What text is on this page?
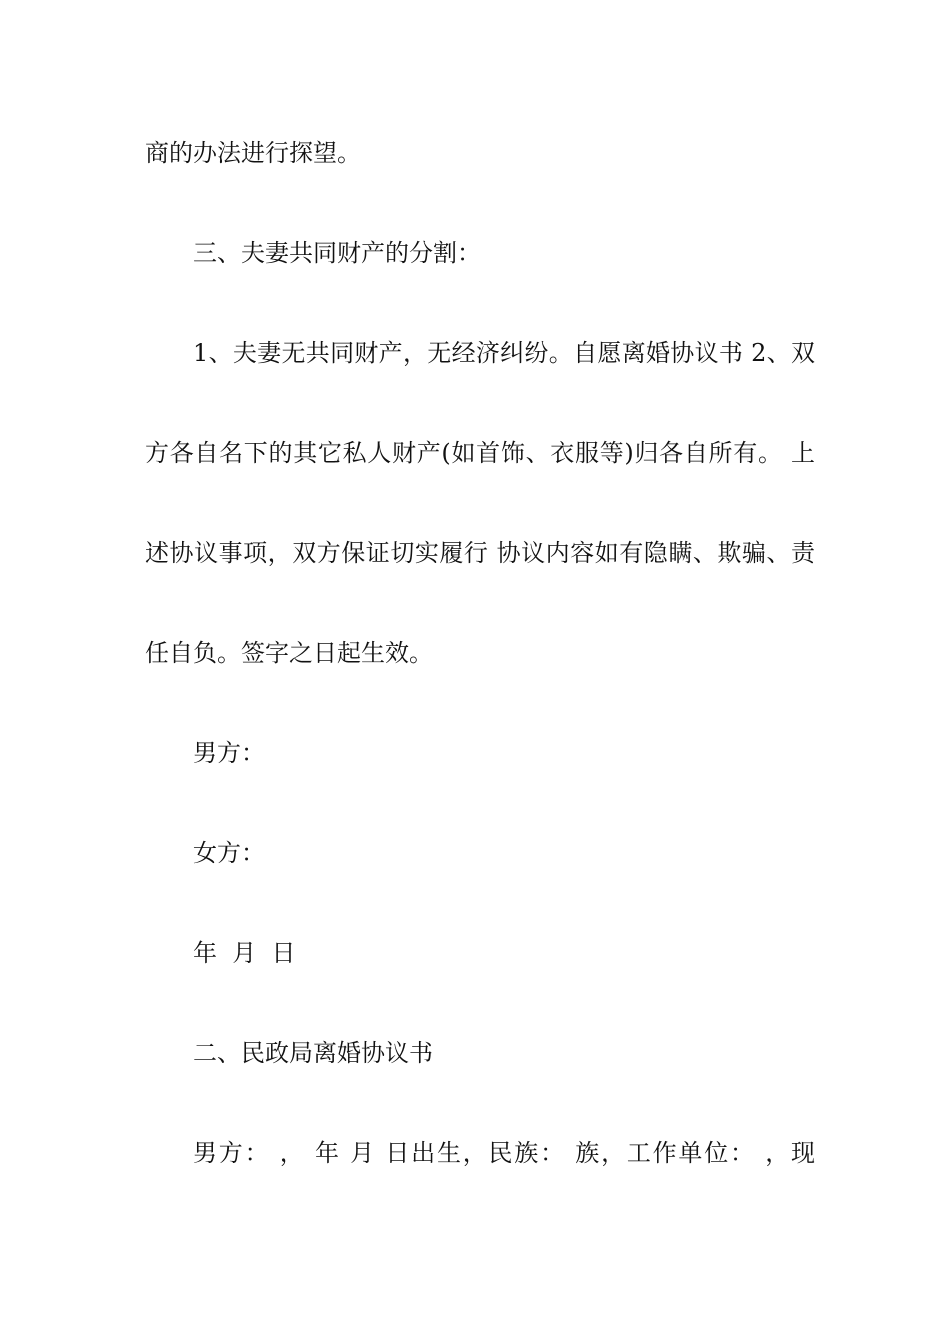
商的办法进行探望。

三、夫妻共同财产的分割：

1、夫妻无共同财产，无经济纠纷。自愿离婚协议书 2、双

方各自名下的其它私人财产(如首饰、衣服等)归各自所有。 上

述协议事项，双方保证切实履行 协议内容如有隐瞒、欺骗、责

任自负。签字之日起生效。

男方：

女方：

年  月  日

二、民政局离婚协议书

男方： ， 年 月 日出生，民族： 族，工作单位： ，现
